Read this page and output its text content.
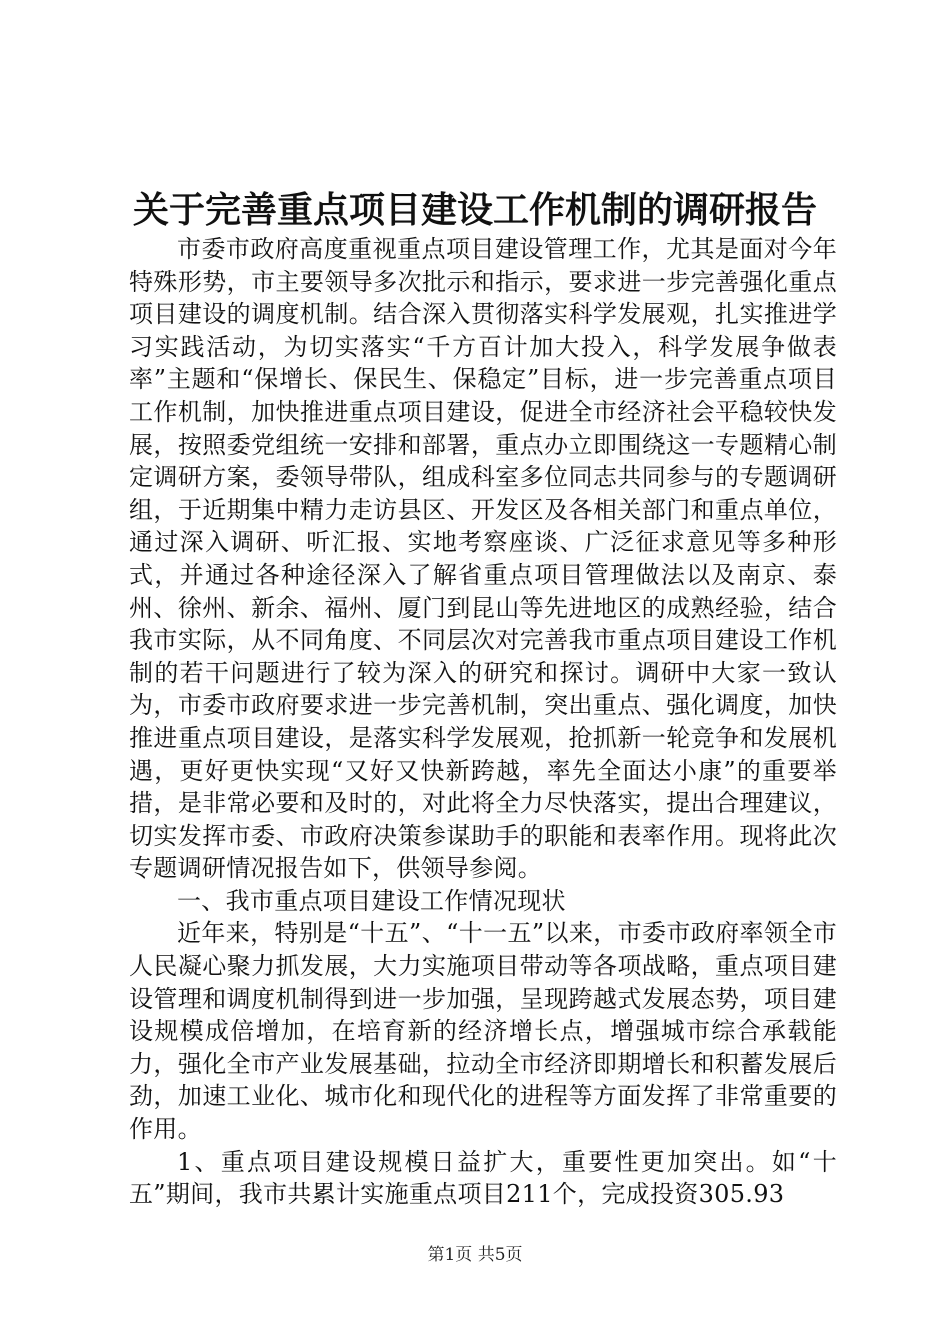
关于完善重点项目建设工作机制的调研报告

市委市政府高度重视重点项目建设管理工作，尤其是面对今年特殊形势，市主要领导多次批示和指示，要求进一步完善强化重点项目建设的调度机制。结合深入贯彻落实科学发展观，扎实推进学习实践活动，为切实落实“千方百计加大投入，科学发展争做表率”主题和“保增长、保民生、保稳定”目标，进一步完善重点项目工作机制，加快推进重点项目建设，促进全市经济社会平稳较快发展，按照委党组统一安排和部署，重点办立即围绕这一专题精心制定调研方案，委领导带队，组成科室多位同志共同参与的专题调研组，于近期集中精力走访县区、开发区及各相关部门和重点单位，通过深入调研、听汇报、实地考察座谈、广泛征求意见等多种形式，并通过各种途径深入了解省重点项目管理做法以及南京、泰州、徐州、新余、福州、厦门到昆山等先进地区的成熟经验，结合我市实际，从不同角度、不同层次对完善我市重点项目建设工作机制的若干问题进行了较为深入的研究和探讨。调研中大家一致认为，市委市政府要求进一步完善机制，突出重点、强化调度，加快推进重点项目建设，是落实科学发展观，抢抓新一轮竞争和发展机遇，更好更快实现“又好又快新跨越，率先全面达小康”的重要举措，是非常必要和及时的，对此将全力尽快落实，提出合理建议，切实发挥市委、市政府决策参谋助手的职能和表率作用。现将此次专题调研情况报告如下，供领导参阅。

一、我市重点项目建设工作情况现状

近年来，特别是“十五”、“十一五”以来，市委市政府率领全市人民凝心聚力抓发展，大力实施项目带动等各项战略，重点项目建设管理和调度机制得到进一步加强，呈现跨越式发展态势，项目建设规模成倍增加，在培育新的经济增长点，增强城市综合承载能力，强化全市产业发展基础，拉动全市经济即期增长和积蓄发展后劲，加速工业化、城市化和现代化的进程等方面发挥了非常重要的作用。

1、重点项目建设规模日益扩大，重要性更加突出。如“十五”期间，我市共累计实施重点项目211个，完成投资305.93

第1页 共5页
